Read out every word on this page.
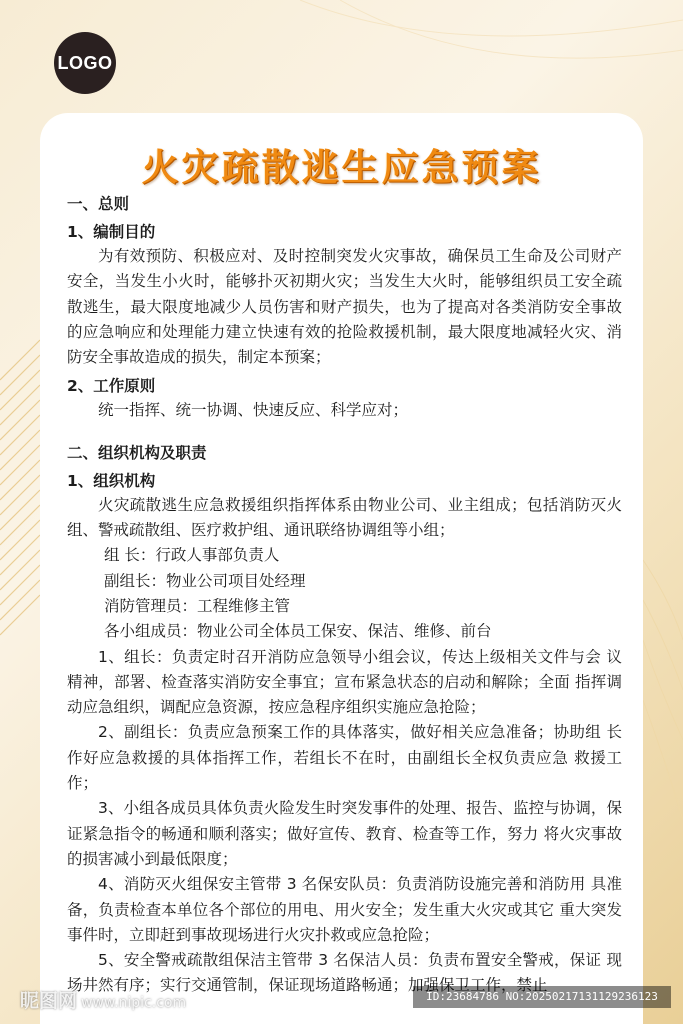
LOGO
火灾疏散逃生应急预案
一、总则
1、编制目的

为有效预防、积极应对、及时控制突发火灾事故，确保员工生命及公司财产安全，当发生小火时，能够扑灭初期火灾；当发生大火时，能够组织员工安全疏散逃生，最大限度地减少人员伤害和财产损失，也为了提高对各类消防安全事故的应急响应和处理能力建立快速有效的抢险救援机制，最大限度地减轻火灾、消防安全事故造成的损失，制定本预案；

2、工作原则

统一指挥、统一协调、快速反应、科学应对；

二、组织机构及职责
1、组织机构

火灾疏散逃生应急救援组织指挥体系由物业公司、业主组成；包括消防灭火组、警戒疏散组、医疗救护组、通讯联络协调组等小组；

组 长：行政人事部负责人
副组长：物业公司项目处经理
消防管理员：工程维修主管
各小组成员：物业公司全体员工保安、保洁、维修、前台

1、组长：负责定时召开消防应急领导小组会议，传达上级相关文件与会 议精神，部署、检查落实消防安全事宜；宣布紧急状态的启动和解除；全面 指挥调动应急组织，调配应急资源，按应急程序组织实施应急抢险；

2、副组长：负责应急预案工作的具体落实，做好相关应急准备；协助组 长作好应急救援的具体指挥工作，若组长不在时，由副组长全权负责应急 救援工作；

3、小组各成员具体负责火险发生时突发事件的处理、报告、监控与协调，保证紧急指令的畅通和顺利落实；做好宣传、教育、检查等工作，努力 将火灾事故的损害减小到最低限度；

4、消防灭火组保安主管带 3 名保安队员：负责消防设施完善和消防用 具准备，负责检查本单位各个部位的用电、用火安全；发生重大火灾或其它 重大突发事件时，立即赶到事故现场进行火灾扑救或应急抢险；

5、安全警戒疏散组保洁主管带 3 名保洁人员：负责布置安全警戒，保证 现场井然有序；实行交通管制，保证现场道路畅通；加强保卫工作，禁止

昵图网 www.nipic.com	ID:23684786 NO:20250217131129236123
